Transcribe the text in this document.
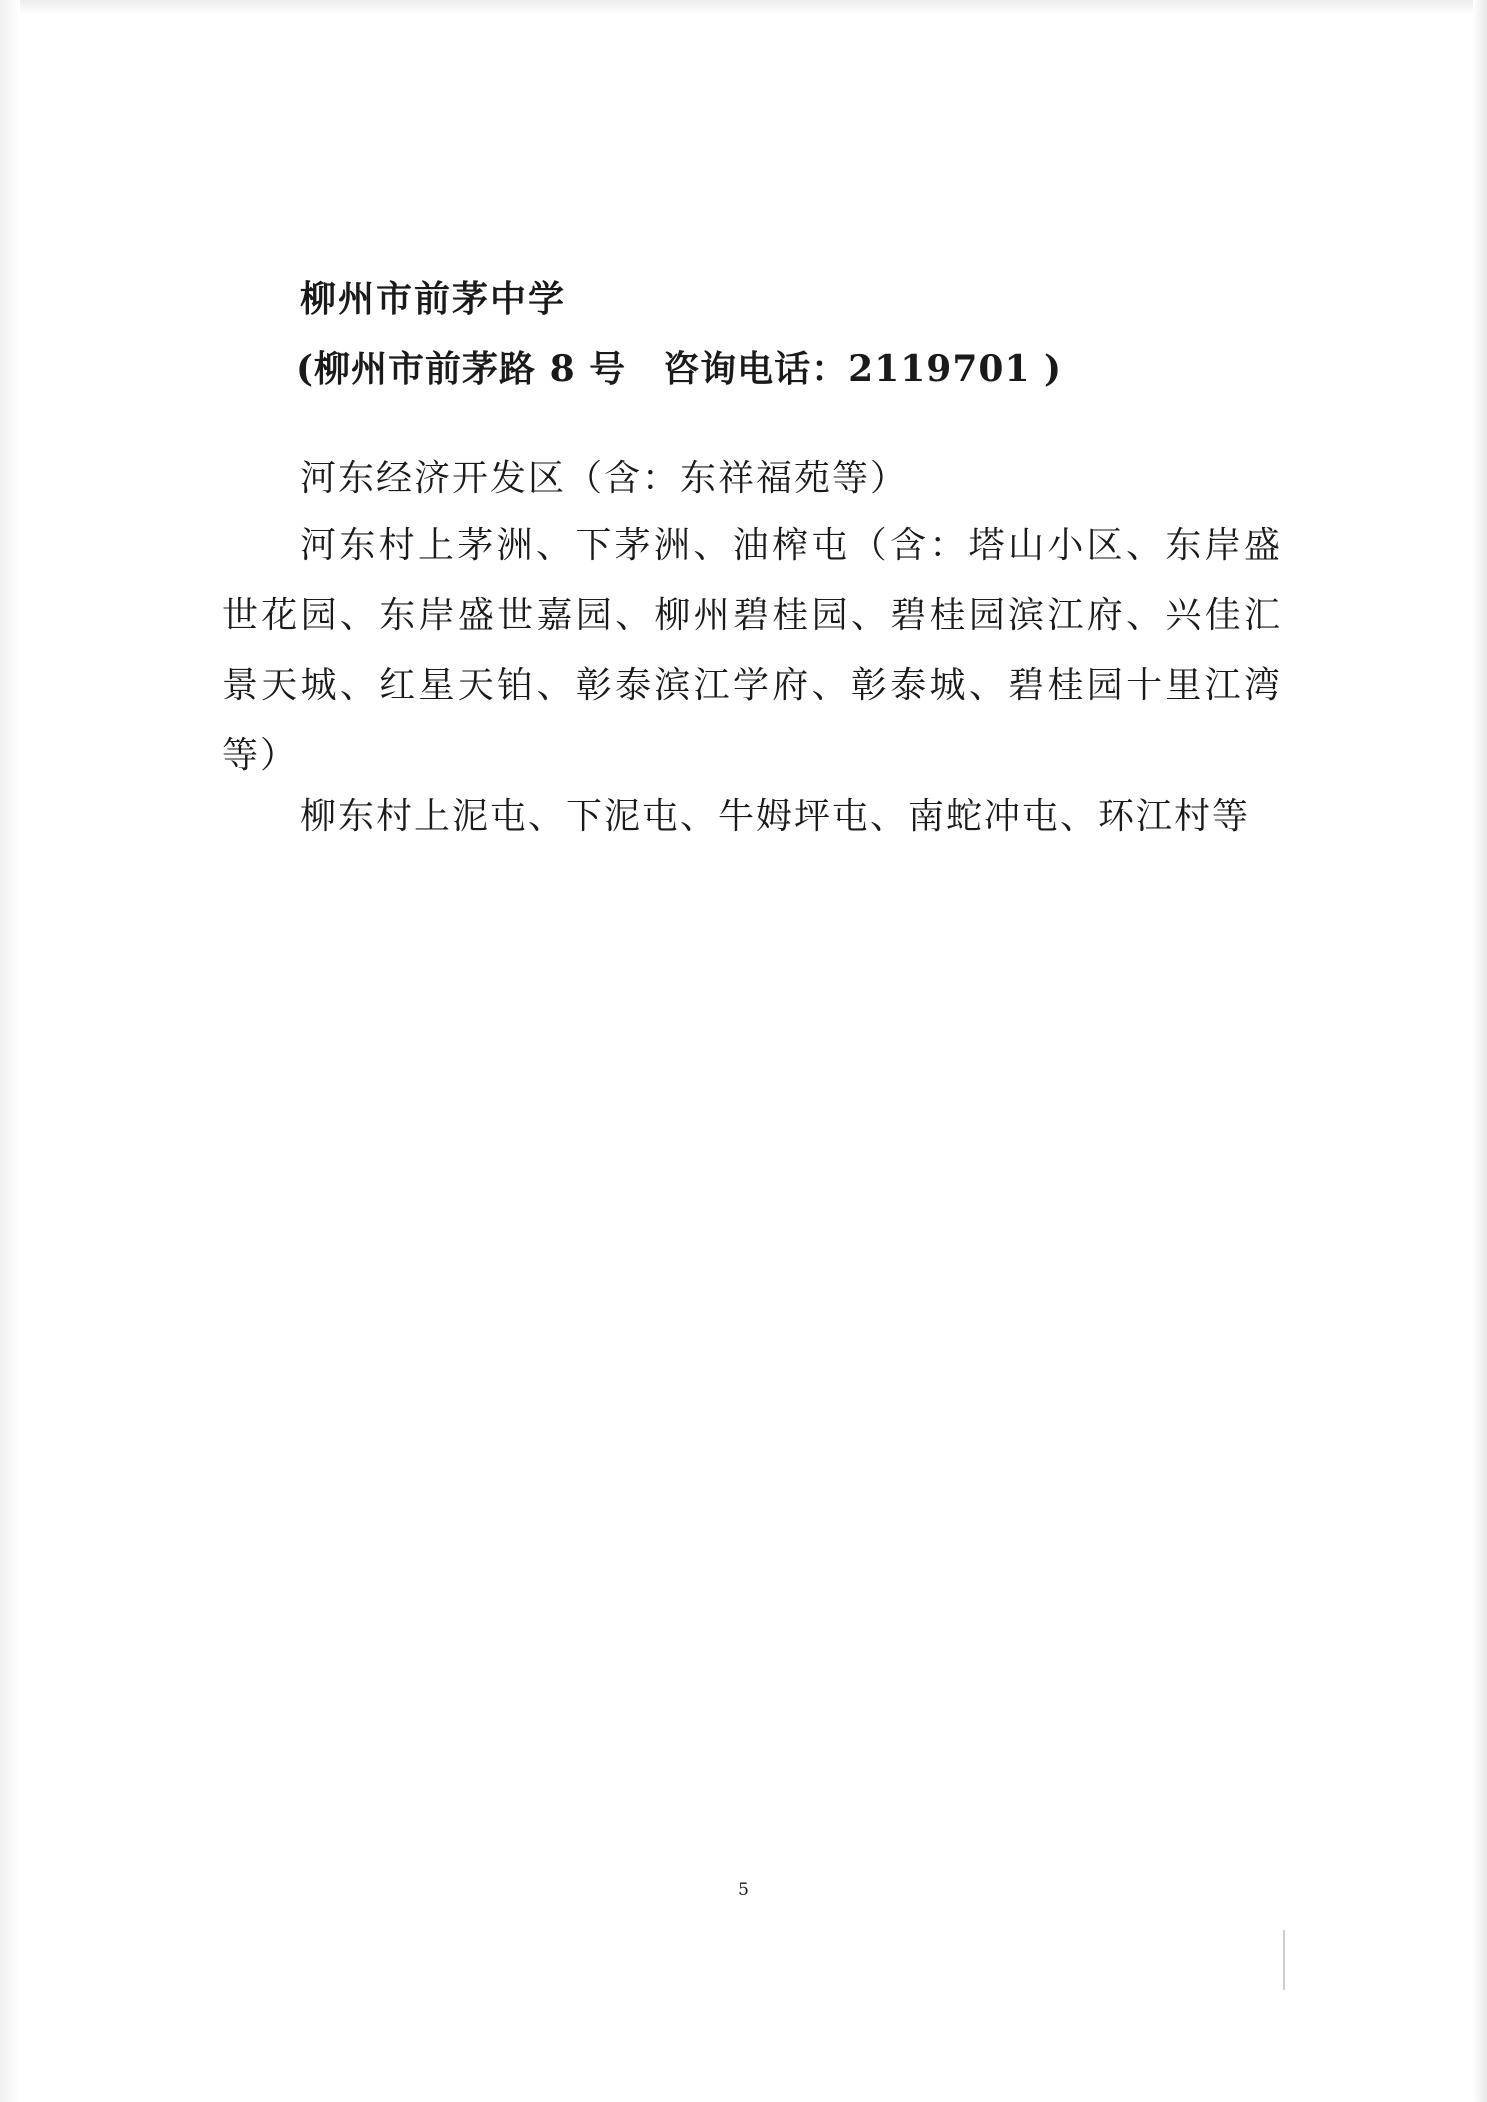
柳州市前茅中学
(柳州市前茅路 8 号　咨询电话：2119701 )

河东经济开发区（含：东祥福苑等）

河东村上茅洲、下茅洲、油榨屯（含：塔山小区、东岸盛世花园、东岸盛世嘉园、柳州碧桂园、碧桂园滨江府、兴佳汇景天城、红星天铂、彰泰滨江学府、彰泰城、碧桂园十里江湾等）

柳东村上泥屯、下泥屯、牛姆坪屯、南蛇冲屯、环江村等

5
